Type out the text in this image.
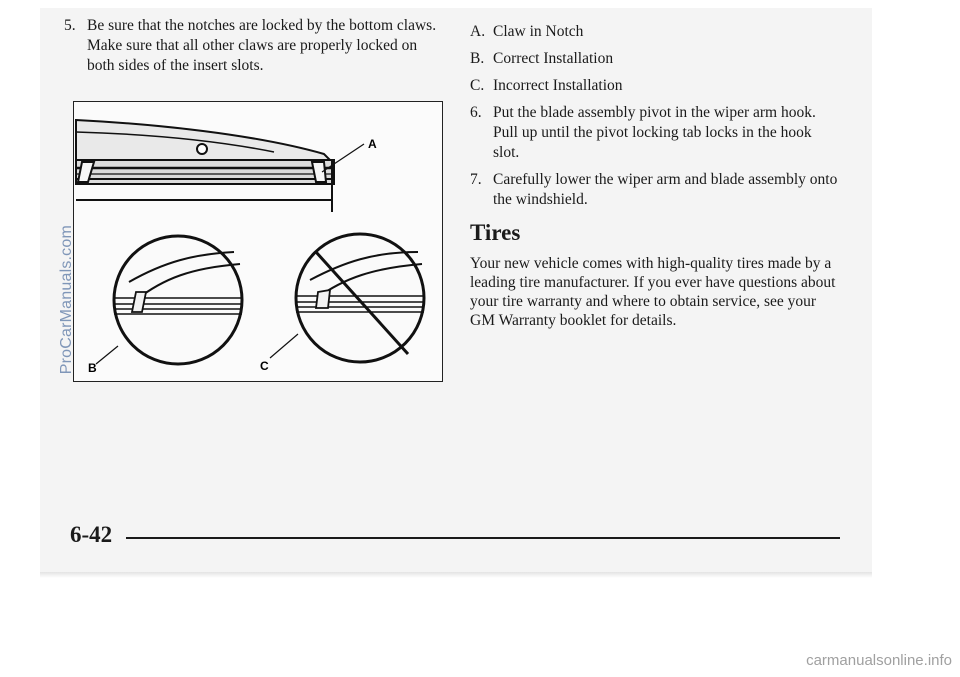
5. Be sure that the notches are locked by the bottom claws. Make sure that all other claws are properly locked on both sides of the insert slots.
A
B	C
A. Claw in Notch
B. Correct Installation
C. Incorrect Installation
6. Put the blade assembly pivot in the wiper arm hook. Pull up until the pivot locking tab locks in the hook slot.
7. Carefully lower the wiper arm and blade assembly onto the windshield.
Tires
Your new vehicle comes with high-quality tires made by a leading tire manufacturer. If you ever have questions about your tire warranty and where to obtain service, see your GM Warranty booklet for details.
6-42
ProCarManuals.com
carmanualsonline.info
